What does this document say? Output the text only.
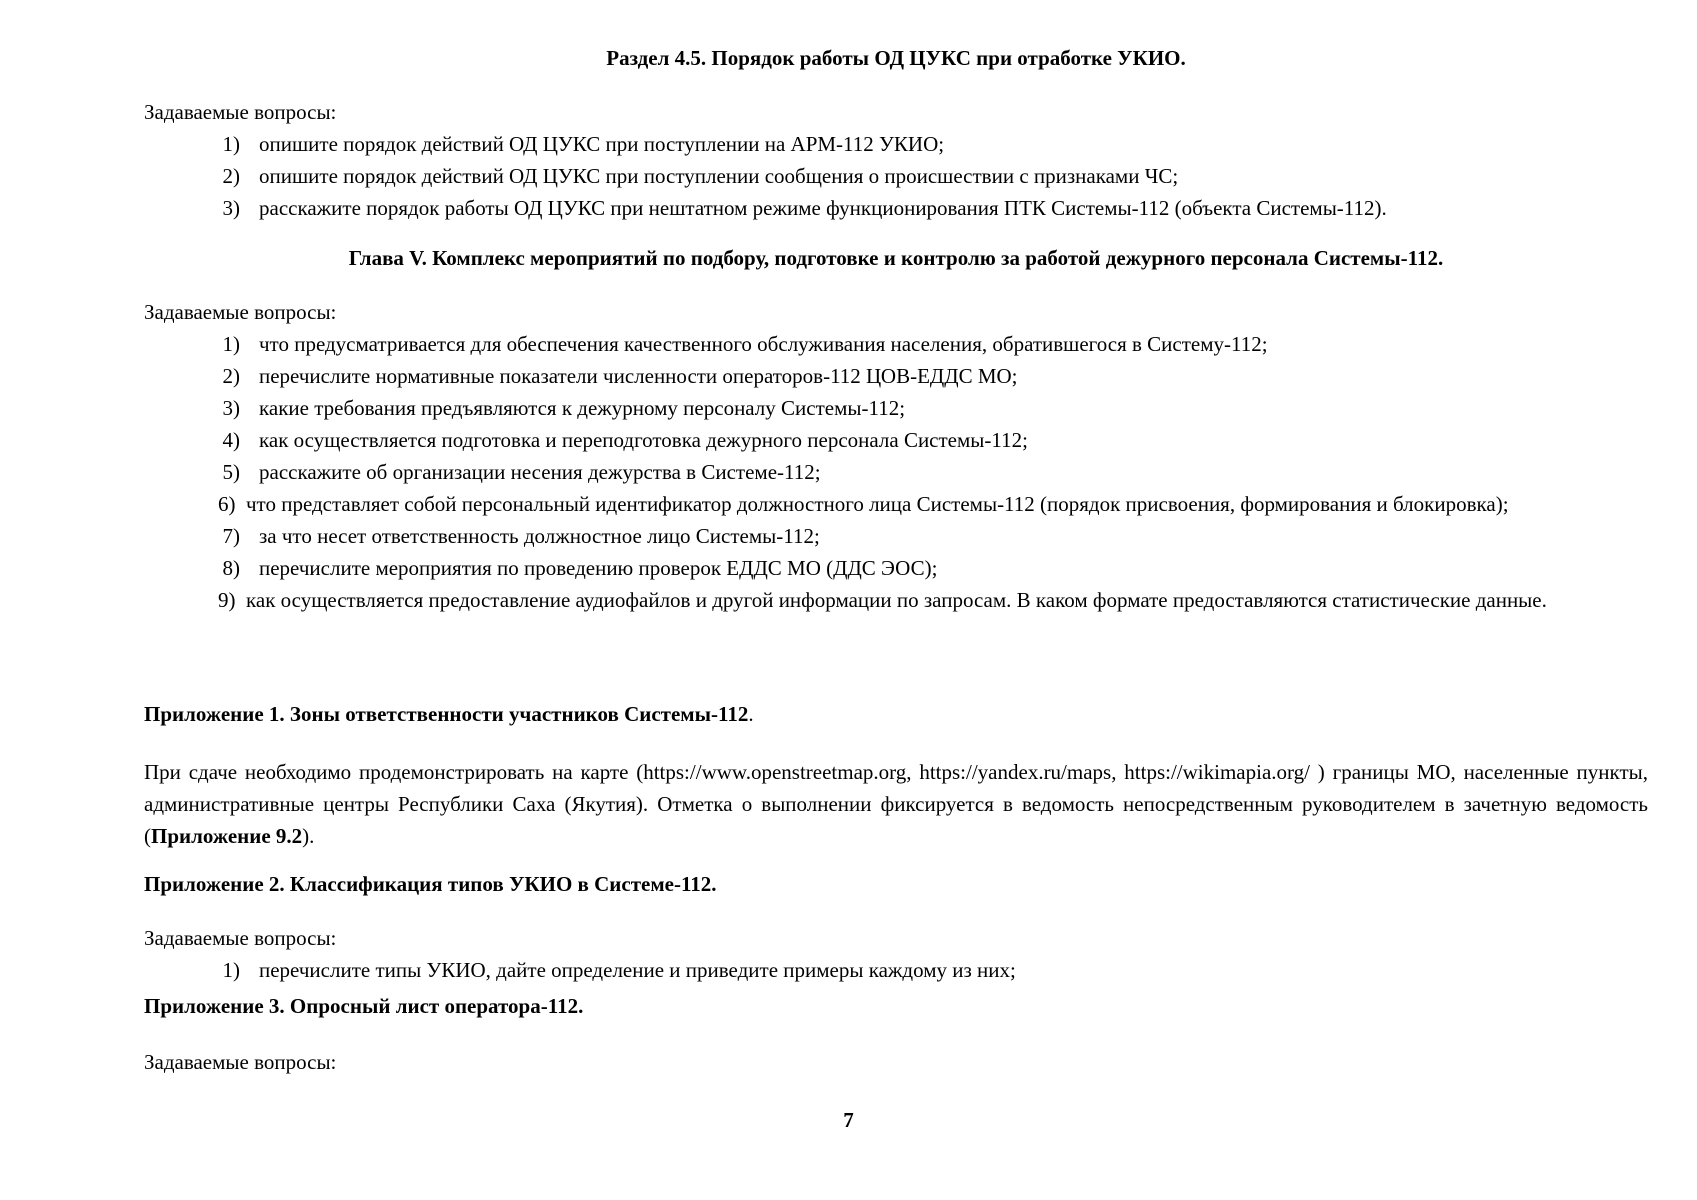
Раздел 4.5. Порядок работы ОД ЦУКС при отработке УКИО.
Задаваемые вопросы:
1) опишите порядок действий ОД ЦУКС при поступлении на АРМ-112 УКИО;
2) опишите порядок действий ОД ЦУКС при поступлении сообщения о происшествии с признаками ЧС;
3) расскажите порядок работы ОД ЦУКС при нештатном режиме функционирования ПТК Системы-112 (объекта Системы-112).
Глава V. Комплекс мероприятий по подбору, подготовке и контролю за работой дежурного персонала Системы-112.
Задаваемые вопросы:
1) что предусматривается для обеспечения качественного обслуживания населения, обратившегося в Систему-112;
2) перечислите нормативные показатели численности операторов-112 ЦОВ-ЕДДС МО;
3) какие требования предъявляются к дежурному персоналу Системы-112;
4) как осуществляется подготовка и переподготовка дежурного персонала Системы-112;
5) расскажите об организации несения дежурства в Системе-112;
6) что представляет собой персональный идентификатор должностного лица Системы-112 (порядок присвоения, формирования и блокировка);
7) за что несет ответственность должностное лицо Системы-112;
8) перечислите мероприятия по проведению проверок ЕДДС МО (ДДС ЭОС);
9) как осуществляется предоставление аудиофайлов и другой информации по запросам. В каком формате предоставляются статистические данные.
Приложение 1. Зоны ответственности участников Системы-112.
При сдаче необходимо продемонстрировать на карте (https://www.openstreetmap.org, https://yandex.ru/maps, https://wikimapia.org/ ) границы МО, населенные пункты, административные центры Республики Саха (Якутия). Отметка о выполнении фиксируется в ведомость непосредственным руководителем в зачетную ведомость (Приложение 9.2).
Приложение 2. Классификация типов УКИО в Системе-112.
Задаваемые вопросы:
1) перечислите типы УКИО, дайте определение и приведите примеры каждому из них;
Приложение 3. Опросный лист оператора-112.
Задаваемые вопросы:
7
